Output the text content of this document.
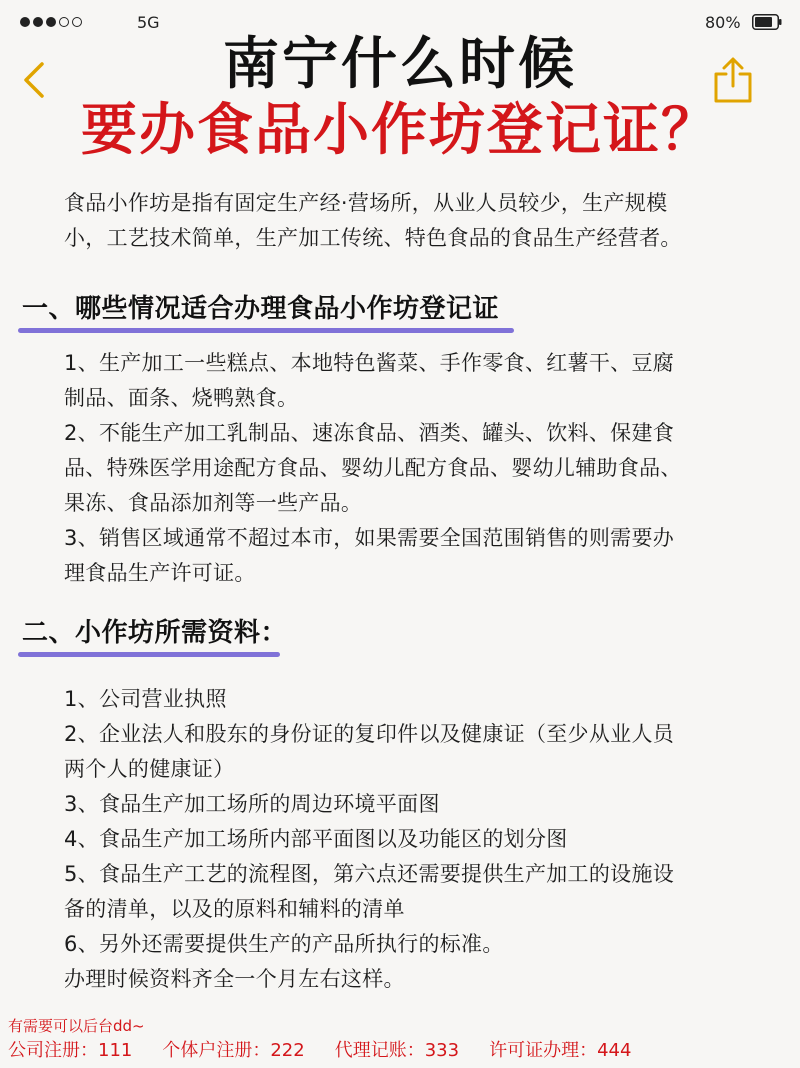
5G	80%
南宁什么时候
要办食品小作坊登记证？
食品小作坊是指有固定生产经·营场所，从业人员较少，生产规模
小，工艺技术简单，生产加工传统、特色食品的食品生产经营者。
一、哪些情况适合办理食品小作坊登记证

1、生产加工一些糕点、本地特色酱菜、手作零食、红薯干、豆腐

制品、面条、烧鸭熟食。

2、不能生产加工乳制品、速冻食品、酒类、罐头、饮料、保建食

品、特殊医学用途配方食品、婴幼儿配方食品、婴幼儿辅助食品、

果冻、食品添加剂等一些产品。

3、销售区域通常不超过本市，如果需要全国范围销售的则需要办

理食品生产许可证。

二、小作坊所需资料：

1、公司营业执照

2、企业法人和股东的身份证的复印件以及健康证（至少从业人员

两个人的健康证）

3、食品生产加工场所的周边环境平面图

4、食品生产加工场所内部平面图以及功能区的划分图

5、食品生产工艺的流程图，第六点还需要提供生产加工的设施设

备的清单，以及的原料和辅料的清单

6、另外还需要提供生产的产品所执行的标准。

办理时候资料齐全一个月左右这样。

有需要可以后台dd~
公司注册：111 个体户注册：222 代理记账：333 许可证办理：444
